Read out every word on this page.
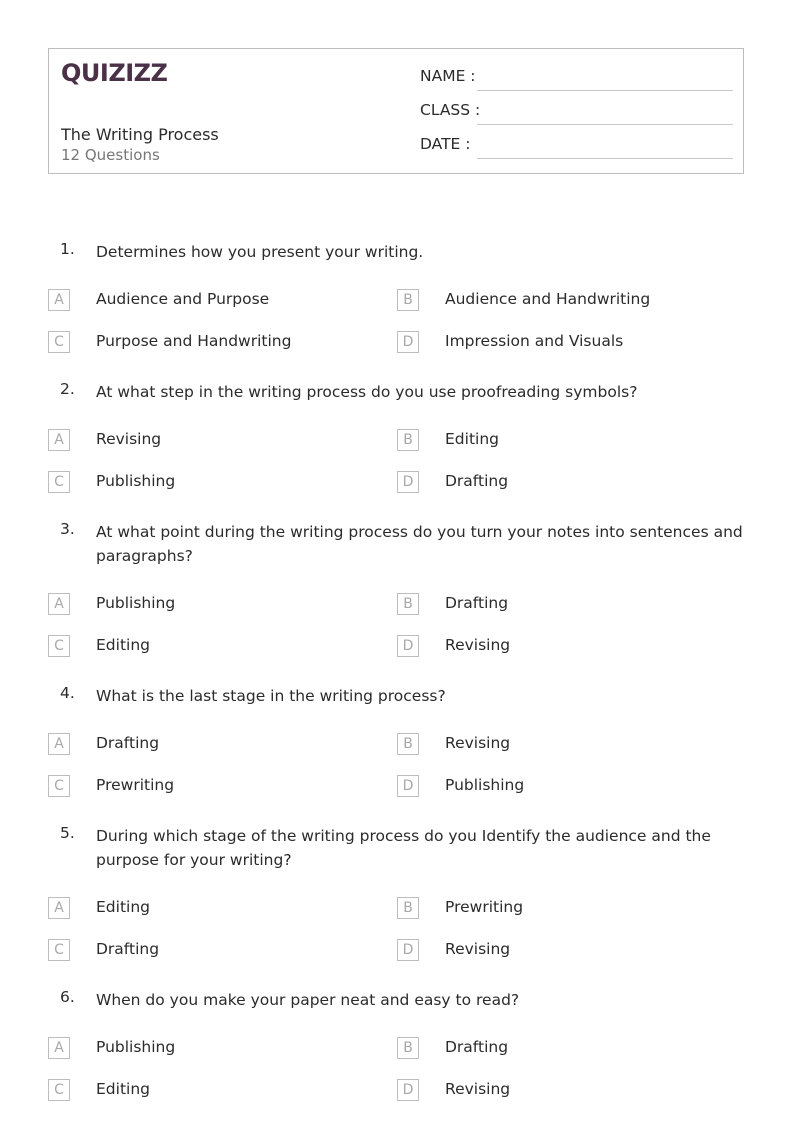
QUIZIZZ
The Writing Process
12 Questions
NAME :
CLASS :
DATE :
1. Determines how you present your writing.
A	Audience and Purpose	B	Audience and Handwriting
C	Purpose and Handwriting	D	Impression and Visuals
2. At what step in the writing process do you use proofreading symbols?
A	Revising	B	Editing
C	Publishing	D	Drafting
3. At what point during the writing process do you turn your notes into sentences and paragraphs?
A	Publishing	B	Drafting
C	Editing	D	Revising
4. What is the last stage in the writing process?
A	Drafting	B	Revising
C	Prewriting	D	Publishing
5. During which stage of the writing process do you Identify the audience and the purpose for your writing?
A	Editing	B	Prewriting
C	Drafting	D	Revising
6. When do you make your paper neat and easy to read?
A	Publishing	B	Drafting
C	Editing	D	Revising
